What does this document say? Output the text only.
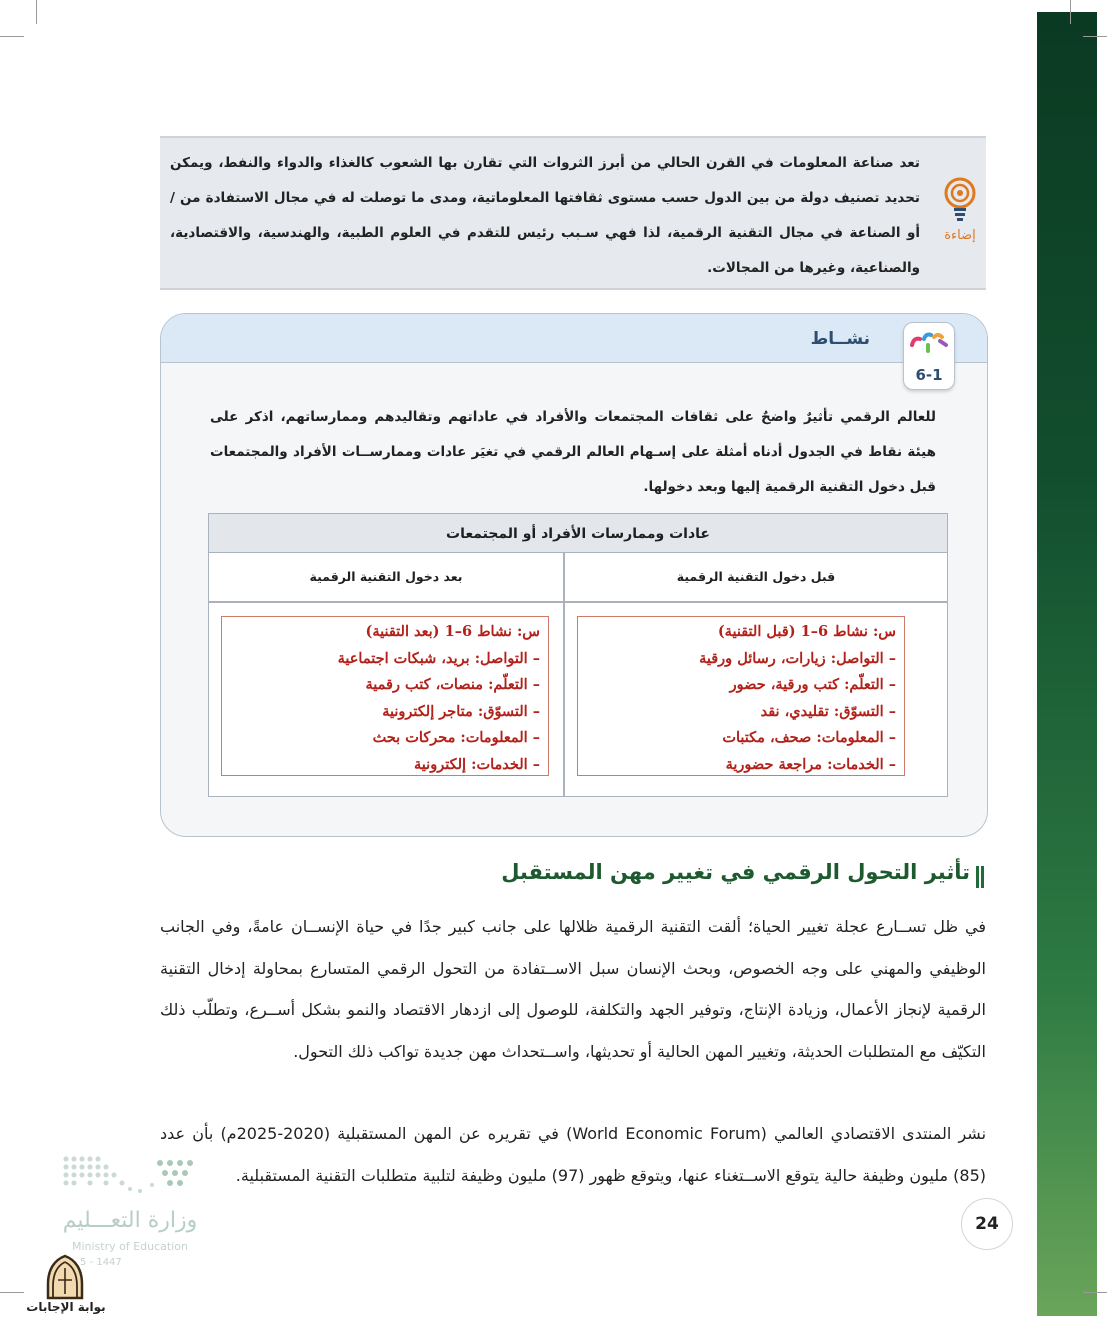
تعد صناعة المعلومات في القرن الحالي من أبرز الثروات التي تقارن بها الشعوب كالغذاء والدواء والنفط، ويمكن تحديد تصنيف دولة من بين الدول حسب مستوى ثقافتها المعلوماتية، ومدى ما توصلت له في مجال الاستفادة من /أو الصناعة في مجال التقنية الرقمية، لذا فهي سـبب رئيس للتقدم في العلوم الطبية، والهندسية، والاقتصادية، والصناعية، وغيرها من المجالات.
إضاءة
نشــاط
6-1
للعالم الرقمي تأثيرٌ واضحٌ على ثقافات المجتمعات والأفراد في عاداتهم وتقاليدهم وممارساتهم، اذكر على هيئة نقاط في الجدول أدناه أمثلة على إسـهام العالم الرقمي في تغيَر عادات وممارســات الأفراد والمجتمعات قبل دخول التقنية الرقمية إليها وبعد دخولها.
عادات وممارسات الأفراد أو المجتمعات
قبل دخول التقنية الرقمية
بعد دخول التقنية الرقمية
س: نشاط 6–1 (قبل التقنية)
– التواصل: زيارات، رسائل ورقية
– التعلّم: كتب ورقية، حضور
– التسوّق: تقليدي، نقد
– المعلومات: صحف، مكتبات
– الخدمات: مراجعة حضورية
س: نشاط 6–1 (بعد التقنية)
– التواصل: بريد، شبكات اجتماعية
– التعلّم: منصات، كتب رقمية
– التسوّق: متاجر إلكترونية
– المعلومات: محركات بحث
– الخدمات: إلكترونية
تأثير التحول الرقمي في تغيير مهن المستقبل
في ظل تســارع عجلة تغيير الحياة؛ ألقت التقنية الرقمية ظلالها على جانب كبير جدًا في حياة الإنســان عامةً، وفي الجانب الوظيفي والمهني على وجه الخصوص، وبحث الإنسان سبل الاســتفادة من التحول الرقمي المتسارع بمحاولة إدخال التقنية الرقمية لإنجاز الأعمال، وزيادة الإنتاج، وتوفير الجهد والتكلفة، للوصول إلى ازدهار الاقتصاد والنمو بشكل أســرع، وتطلّب ذلك التكيّف مع المتطلبات الحديثة، وتغيير المهن الحالية أو تحديثها، واســتحداث مهن جديدة تواكب ذلك التحول.
نشر المنتدى الاقتصادي العالمي (World Economic Forum) في تقريره عن المهن المستقبلية (2020-2025م) بأن عدد (85) مليون وظيفة حالية يتوقع الاســتغناء عنها، ويتوقع ظهور (97) مليون وظيفة لتلبية متطلبات التقنية المستقبلية.
24
وزارة التعـــليم
Ministry of Education
5 - 1447
بوابة الإجابات
